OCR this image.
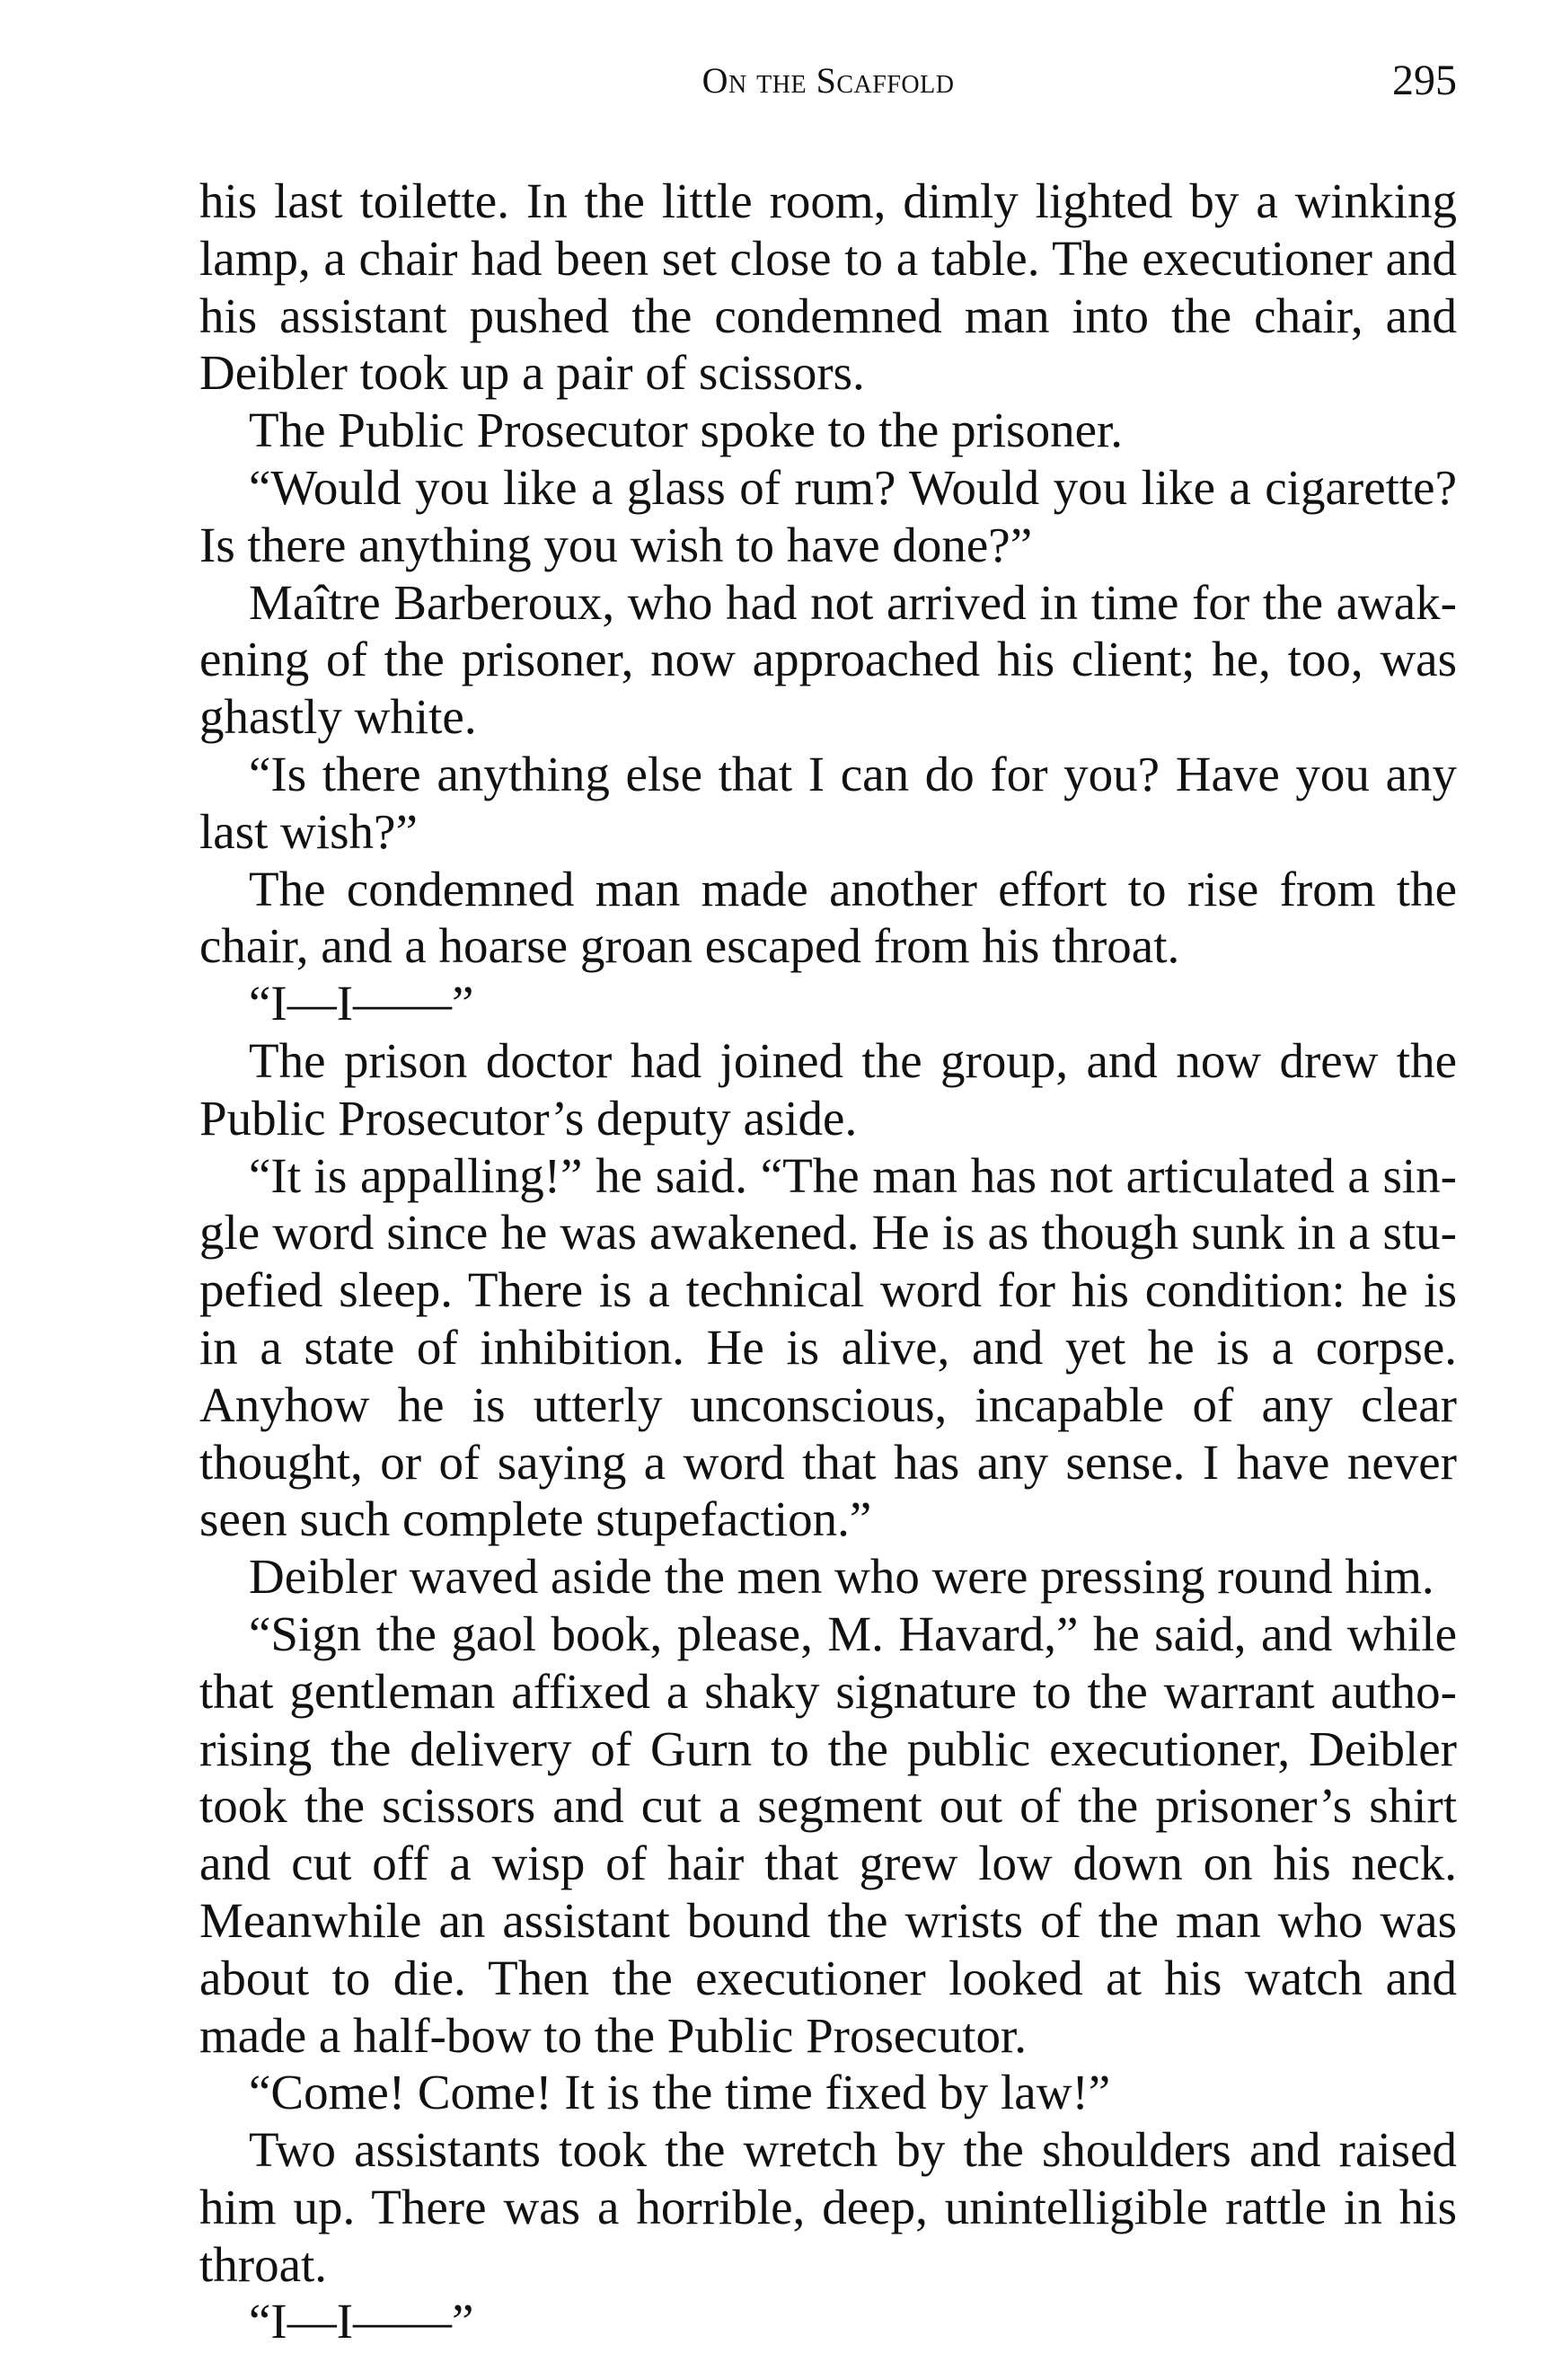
On the Scaffold	295

his last toilette. In the little room, dimly lighted by a winking lamp, a chair had been set close to a table. The executioner and his assistant pushed the condemned man into the chair, and Deibler took up a pair of scissors.

The Public Prosecutor spoke to the prisoner.

“Would you like a glass of rum? Would you like a cigarette? Is there anything you wish to have done?”

Maître Barberoux, who had not arrived in time for the awakening of the prisoner, now approached his client; he, too, was ghastly white.

“Is there anything else that I can do for you? Have you any last wish?”

The condemned man made another effort to rise from the chair, and a hoarse groan escaped from his throat.

“I—I——”

The prison doctor had joined the group, and now drew the Public Prosecutor’s deputy aside.

“It is appalling!” he said. “The man has not articulated a single word since he was awakened. He is as though sunk in a stupefied sleep. There is a technical word for his condition: he is in a state of inhibition. He is alive, and yet he is a corpse. Anyhow he is utterly unconscious, incapable of any clear thought, or of saying a word that has any sense. I have never seen such complete stupefaction.”

Deibler waved aside the men who were pressing round him.

“Sign the gaol book, please, M. Havard,” he said, and while that gentleman affixed a shaky signature to the warrant authorising the delivery of Gurn to the public executioner, Deibler took the scissors and cut a segment out of the prisoner’s shirt and cut off a wisp of hair that grew low down on his neck. Meanwhile an assistant bound the wrists of the man who was about to die. Then the executioner looked at his watch and made a half-bow to the Public Prosecutor.

“Come! Come! It is the time fixed by law!”

Two assistants took the wretch by the shoulders and raised him up. There was a horrible, deep, unintelligible rattle in his throat.

“I—I——”
